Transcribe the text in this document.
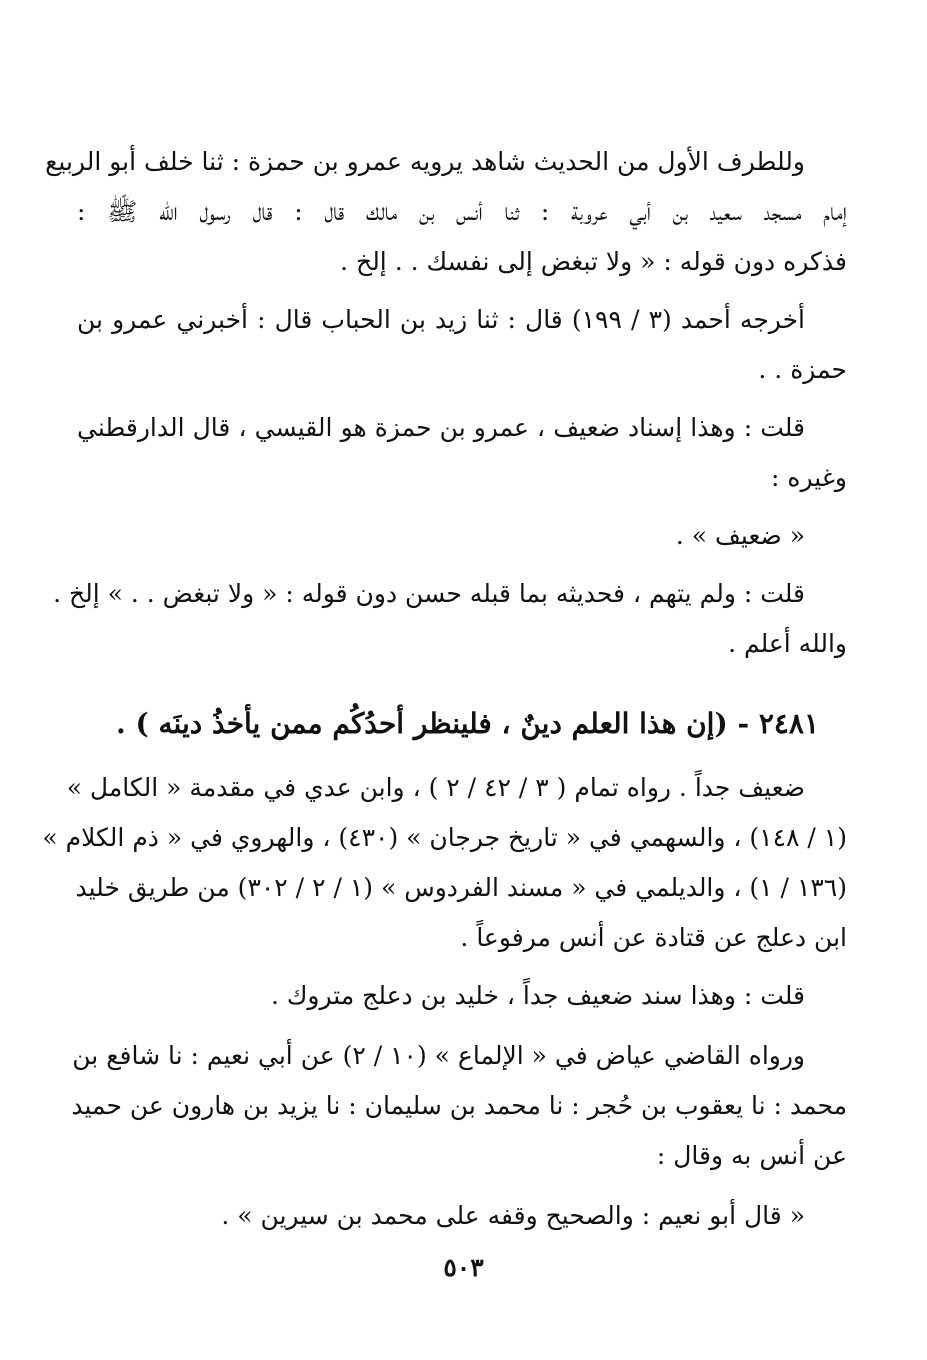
وللطرف الأول من الحديث شاهد يرويه عمرو بن حمزة : ثنا خلف أبو الربيع
إمام مسجد سعيد بن أبي عروبة : ثنا أنس بن مالك قال : قال رسول الله ﷺ :
فذكره دون قوله : « ولا تبغض إلى نفسك . . إلخ .
أخرجه أحمد (٣ / ١٩٩) قال : ثنا زيد بن الحباب قال : أخبرني عمرو بن
حمزة . .
قلت : وهذا إسناد ضعيف ، عمرو بن حمزة هو القيسي ، قال الدارقطني
وغيره :
« ضعيف » .
قلت : ولم يتهم ، فحديثه بما قبله حسن دون قوله : « ولا تبغض . . » إلخ .
والله أعلم .
٢٤٨١ - (إن هذا العلم دينٌ ، فلينظر أحدُكُم ممن يأخذُ دينَه ) .
ضعيف جداً . رواه تمام ( ٣ / ٤٢ / ٢ ) ، وابن عدي في مقدمة « الكامل »
(١ / ١٤٨) ، والسهمي في « تاريخ جرجان » (٤٣٠) ، والهروي في « ذم الكلام »
(١٣٦ / ١) ، والديلمي في « مسند الفردوس » (١ / ٢ / ٣٠٢) من طريق خليد
ابن دعلج عن قتادة عن أنس مرفوعاً .
قلت : وهذا سند ضعيف جداً ، خليد بن دعلج متروك .
ورواه القاضي عياض في « الإلماع » (١٠ / ٢) عن أبي نعيم : نا شافع بن
محمد : نا يعقوب بن حُجر : نا محمد بن سليمان : نا يزيد بن هارون عن حميد
عن أنس به وقال :
« قال أبو نعيم : والصحيح وقفه على محمد بن سيرين » .
٥٠٣
